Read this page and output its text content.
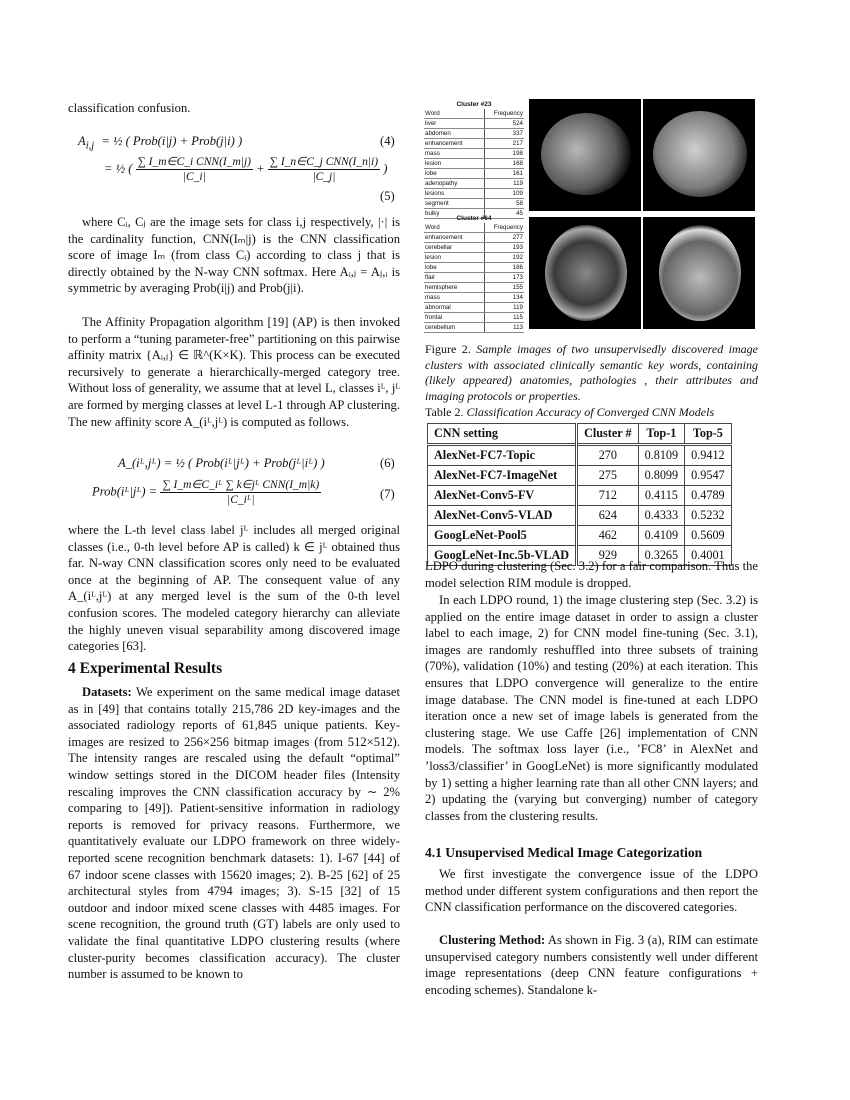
classification confusion.
$A_{i,j}$ = ½ ( Prob(i|j) + Prob(j|i) )	(4)
= ½ ( $\frac{\text{∑ I\_m∈C\_i CNN(I\_m|j)}}{|C\_i|} + \frac{\text{∑ I\_n∈C\_j CNN(I\_n|i)}}{|C\_j|}$ )
(5)

where Cᵢ, Cⱼ are the image sets for class i,j respectively, |·| is the cardinality function, CNN(Iₘ|j) is the CNN classification score of image Iₘ (from class Cᵢ) according to class j that is directly obtained by the N-way CNN softmax. Here Aᵢ,ⱼ = Aⱼ,ᵢ is symmetric by averaging Prob(i|j) and Prob(j|i).

The Affinity Propagation algorithm [19] (AP) is then invoked to perform a “tuning parameter-free” partitioning on this pairwise affinity matrix {Aᵢ,ⱼ} ∈ ℝ^(K×K). This process can be executed recursively to generate a hierarchically-merged category tree. Without loss of generality, we assume that at level L, classes iᴸ, jᴸ are formed by merging classes at level L-1 through AP clustering. The new affinity score A_(iᴸ,jᴸ) is computed as follows.

A_(iᴸ,jᴸ) = ½ ( Prob(iᴸ|jᴸ) + Prob(jᴸ|iᴸ) )	(6)
Prob(iᴸ|jᴸ) = $\frac{\text{∑ I\_m∈C\_iᴸ ∑ k∈jᴸ CNN(I\_m|k)}}{\text{|C\_iᴸ|}}$	(7)

where the L-th level class label jᴸ includes all merged original classes (i.e., 0-th level before AP is called) k ∈ jᴸ obtained thus far. N-way CNN classification scores only need to be evaluated once at the beginning of AP. The consequent value of any A_(iᴸ,jᴸ) at any merged level is the sum of the 0-th level confusion scores. The modeled category hierarchy can alleviate the highly uneven visual separability among discovered image categories [63].

4 Experimental Results

Datasets: We experiment on the same medical image dataset as in [49] that contains totally 215,786 2D key-images and the associated radiology reports of 61,845 unique patients. Key-images are resized to 256×256 bitmap images (from 512×512). The intensity ranges are rescaled using the default “optimal” window settings stored in the DICOM header files (Intensity rescaling improves the CNN classification accuracy by ∼ 2% comparing to [49]). Patient-sensitive information in radiology reports is removed for privacy reasons. Furthermore, we quantitatively evaluate our LDPO framework on three widely-reported scene recognition benchmark datasets: 1). I-67 [44] of 67 indoor scene classes with 15620 images; 2). B-25 [62] of 25 architectural styles from 4794 images; 3). S-15 [32] of 15 outdoor and indoor mixed scene classes with 4485 images. For scene recognition, the ground truth (GT) labels are only used to validate the final quantitative LDPO clustering results (where cluster-purity becomes classification accuracy). The cluster number is assumed to be known to

Cluster #23
Word	Frequency
liver	524
abdomen	337
enhancement	217
mass	198
lesion	168
lobe	161
adenopathy	119
lesions	109
segment	58
bulky	45
Cluster #64
Word	Frequency
enhancement	277
cerebellar	193
lesion	192
lobe	186
flair	173
hemisphere	155
mass	134
abnormal	119
frontal	115
cerebellum	113
Figure 2. Sample images of two unsupervisedly discovered image clusters with associated clinically semantic key words, containing (likely appeared) anatomies, pathologies , their attributes and imaging protocols or properties.
Table 2. Classification Accuracy of Converged CNN Models
CNN setting	Cluster #	Top-1	Top-5
AlexNet-FC7-Topic	270	0.8109	0.9412
AlexNet-FC7-ImageNet	275	0.8099	0.9547
AlexNet-Conv5-FV	712	0.4115	0.4789
AlexNet-Conv5-VLAD	624	0.4333	0.5232
GoogLeNet-Pool5	462	0.4109	0.5609
GoogLeNet-Inc.5b-VLAD	929	0.3265	0.4001

LDPO during clustering (Sec. 3.2) for a fair comparison. Thus the model selection RIM module is dropped.

In each LDPO round, 1) the image clustering step (Sec. 3.2) is applied on the entire image dataset in order to assign a cluster label to each image, 2) for CNN model fine-tuning (Sec. 3.1), images are randomly reshuffled into three subsets of training (70%), validation (10%) and testing (20%) at each iteration. This ensures that LDPO convergence will generalize to the entire image database. The CNN model is fine-tuned at each LDPO iteration once a new set of image labels is generated from the clustering stage. We use Caffe [26] implementation of CNN models. The softmax loss layer (i.e., ’FC8’ in AlexNet and ’loss3/classifier’ in GoogLeNet) is more significantly modulated by 1) setting a higher learning rate than all other CNN layers; and 2) updating the (varying but converging) number of category classes from the clustering results.

4.1 Unsupervised Medical Image Categorization

We first investigate the convergence issue of the LDPO method under different system configurations and then report the CNN classification performance on the discovered categories.

Clustering Method: As shown in Fig. 3 (a), RIM can estimate unsupervised category numbers consistently well under different image representations (deep CNN feature configurations + encoding schemes). Standalone k-
